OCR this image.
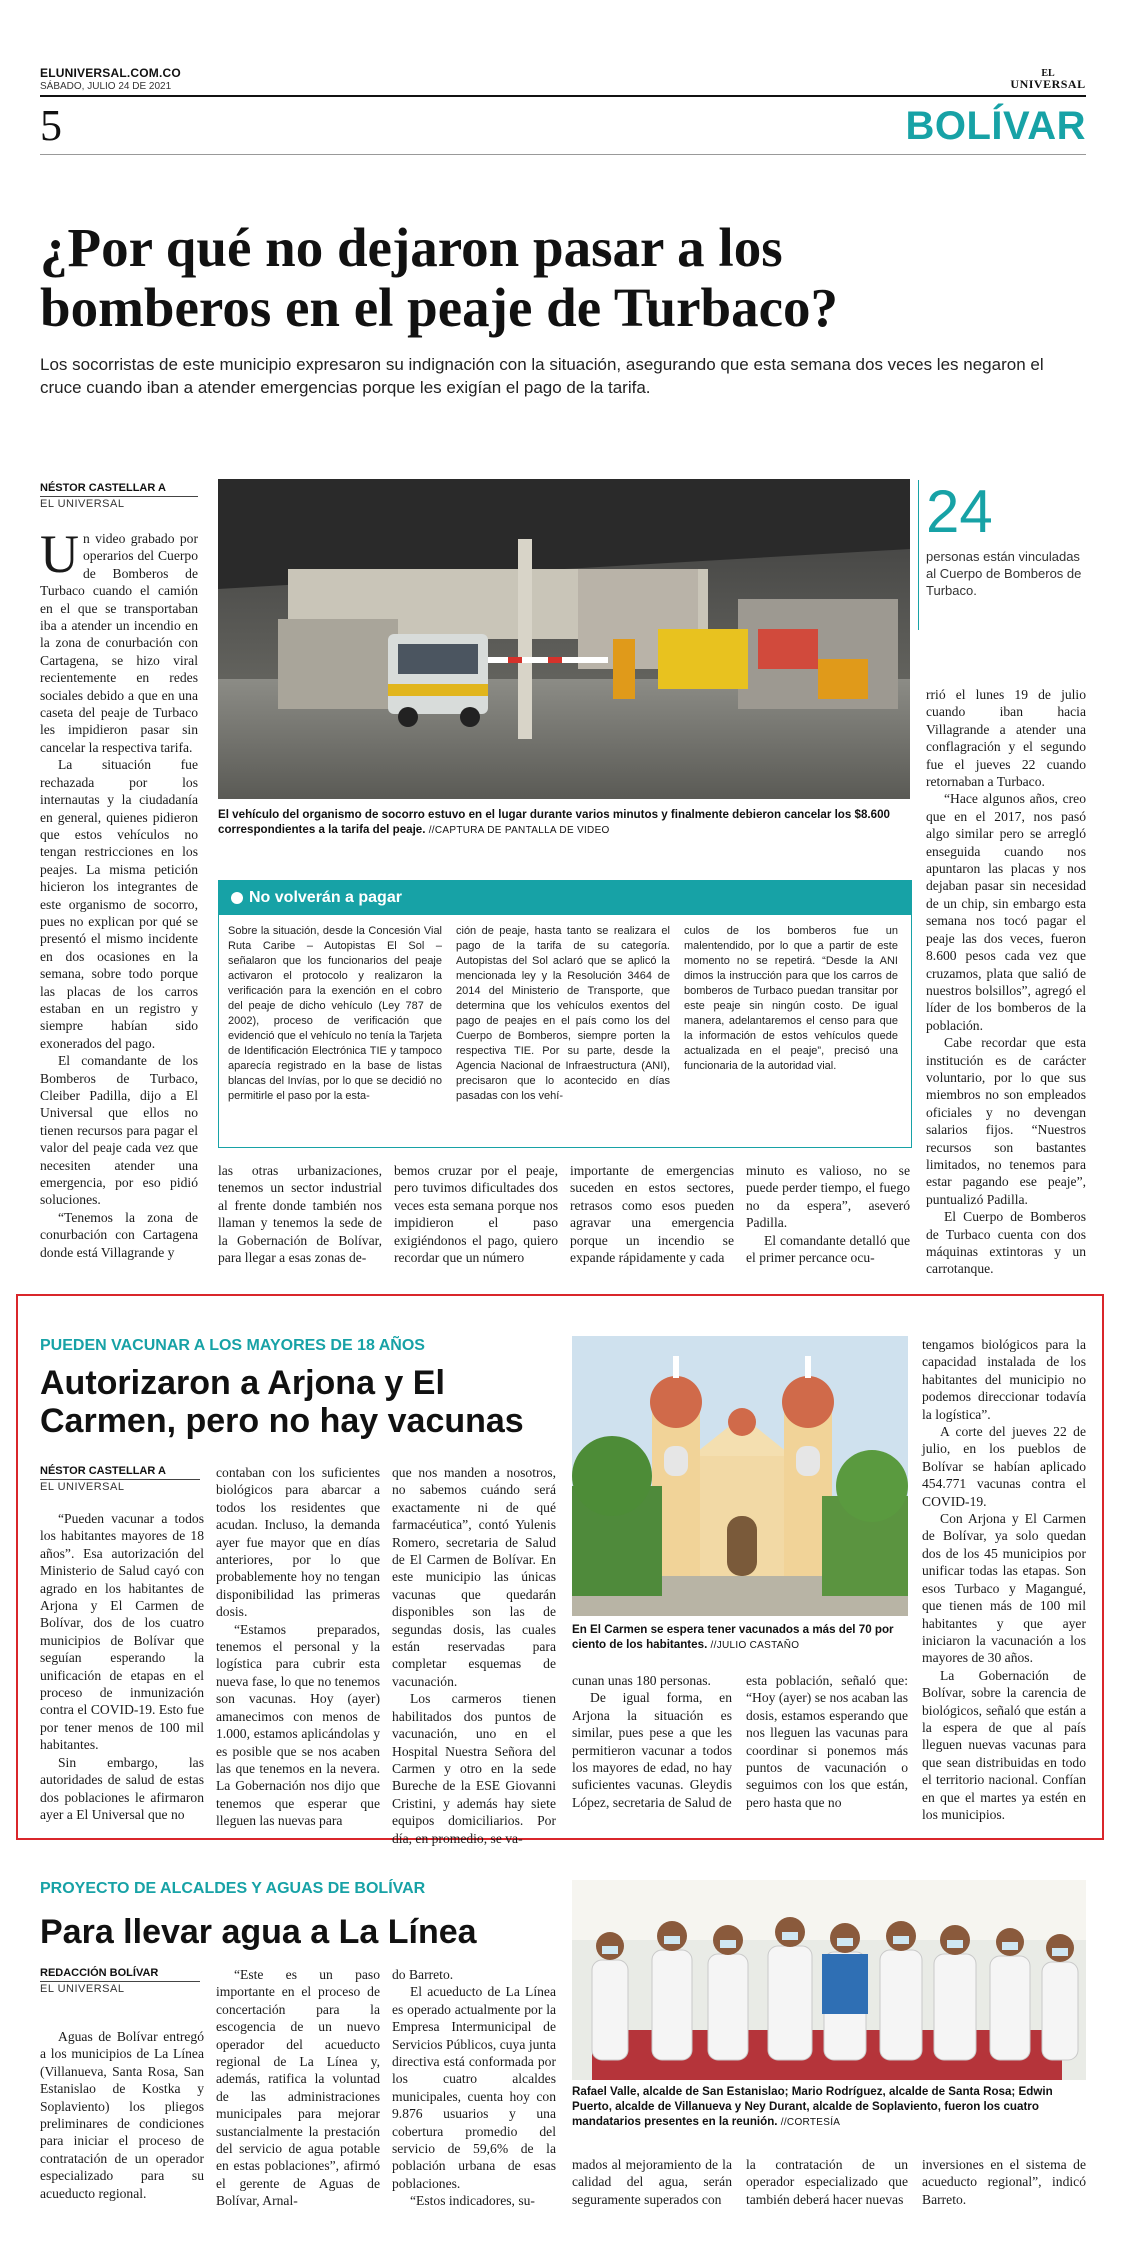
ELUNIVERSAL.COM.CO
SÁBADO, JULIO 24 DE 2021
EL
UNIVERSAL
5	BOLÍVAR
¿Por qué no dejaron pasar a los
bomberos en el peaje de Turbaco?
Los socorristas de este municipio expresaron su indignación con la situación, asegurando que esta semana dos veces les negaron el cruce cuando iban a atender emergencias porque les exigían el pago de la tarifa.
NÉSTOR CASTELLAR A
EL UNIVERSAL

Un video grabado por operarios del Cuerpo de Bomberos de Turbaco cuando el camión en el que se transportaban iba a atender un incendio en la zona de conurbación con Cartagena, se hizo viral recientemente en redes sociales debido a que en una caseta del peaje de Turbaco les impidieron pasar sin cancelar la respectiva tarifa.

La situación fue rechazada por los internautas y la ciudadanía en general, quienes pidieron que estos vehículos no tengan restricciones en los peajes. La misma petición hicieron los integrantes de este organismo de socorro, pues no explican por qué se presentó el mismo incidente en dos ocasiones en la semana, sobre todo porque las placas de los carros estaban en un registro y siempre habían sido exonerados del pago.

El comandante de los Bomberos de Turbaco, Cleiber Padilla, dijo a El Universal que ellos no tienen recursos para pagar el valor del peaje cada vez que necesiten atender una emergencia, por eso pidió soluciones.

“Tenemos la zona de conurbación con Cartagena donde está Villagrande y

El vehículo del organismo de socorro estuvo en el lugar durante varios minutos y finalmente debieron cancelar los $8.600 correspondientes a la tarifa del peaje. //CAPTURA DE PANTALLA DE VIDEO
24
personas están vinculadas al Cuerpo de Bomberos de Turbaco.

rrió el lunes 19 de julio cuando iban hacia Villagrande a atender una conflagración y el segundo fue el jueves 22 cuando retornaban a Turbaco.

“Hace algunos años, creo que en el 2017, nos pasó algo similar pero se arregló enseguida cuando nos apuntaron las placas y nos dejaban pasar sin necesidad de un chip, sin embargo esta semana nos tocó pagar el peaje las dos veces, fueron 8.600 pesos cada vez que cruzamos, plata que salió de nuestros bolsillos”, agregó el líder de los bomberos de la población.

Cabe recordar que esta institución es de carácter voluntario, por lo que sus miembros no son empleados oficiales y no devengan salarios fijos. “Nuestros recursos son bastantes limitados, no tenemos para estar pagando ese peaje”, puntualizó Padilla.

El Cuerpo de Bomberos de Turbaco cuenta con dos máquinas extintoras y un carrotanque.

No volverán a pagar
Sobre la situación, desde la Concesión Vial Ruta Caribe – Autopistas El Sol – señalaron que los funcionarios del peaje activaron el protocolo y realizaron la verificación para la exención en el cobro del peaje de dicho vehículo (Ley 787 de 2002), proceso de verificación que evidenció que el vehículo no tenía la Tarjeta de Identificación Electrónica TIE y tampoco aparecía registrado en la base de listas blancas del Invías, por lo que se decidió no permitirle el paso por la esta-
ción de peaje, hasta tanto se realizara el pago de la tarifa de su categoría. Autopistas del Sol aclaró que se aplicó la mencionada ley y la Resolución 3464 de 2014 del Ministerio de Transporte, que determina que los vehículos exentos del pago de peajes en el país como los del Cuerpo de Bomberos, siempre porten la respectiva TIE. Por su parte, desde la Agencia Nacional de Infraestructura (ANI), precisaron que lo acontecido en días pasadas con los vehí-
culos de los bomberos fue un malentendido, por lo que a partir de este momento no se repetirá. “Desde la ANI dimos la instrucción para que los carros de bomberos de Turbaco puedan transitar por este peaje sin ningún costo. De igual manera, adelantaremos el censo para que la información de estos vehículos quede actualizada en el peaje”, precisó una funcionaria de la autoridad vial.
las otras urbanizaciones, tenemos un sector industrial al frente donde también nos llaman y tenemos la sede de la Gobernación de Bolívar, para llegar a esas zonas de-
bemos cruzar por el peaje, pero tuvimos dificultades dos veces esta semana porque nos impidieron el paso exigiéndonos el pago, quiero recordar que un número
importante de emergencias suceden en estos sectores, retrasos como esos pueden agravar una emergencia porque un incendio se expande rápidamente y cada

minuto es valioso, no se puede perder tiempo, el fuego no da espera”, aseveró Padilla.

El comandante detalló que el primer percance ocu-

PUEDEN VACUNAR A LOS MAYORES DE 18 AÑOS
Autorizaron a Arjona y El
Carmen, pero no hay vacunas
NÉSTOR CASTELLAR A
EL UNIVERSAL

“Pueden vacunar a todos los habitantes mayores de 18 años”. Esa autorización del Ministerio de Salud cayó con agrado en los habitantes de Arjona y El Carmen de Bolívar, dos de los cuatro municipios de Bolívar que seguían esperando la unificación de etapas en el proceso de inmunización contra el COVID-19. Esto fue por tener menos de 100 mil habitantes.

Sin embargo, las autoridades de salud de estas dos poblaciones le afirmaron ayer a El Universal que no

contaban con los suficientes biológicos para abarcar a todos los residentes que acudan. Incluso, la demanda ayer fue mayor que en días anteriores, por lo que probablemente hoy no tengan disponibilidad las primeras dosis.

“Estamos preparados, tenemos el personal y la logística para cubrir esta nueva fase, lo que no tenemos son vacunas. Hoy (ayer) amanecimos con menos de 1.000, estamos aplicándolas y es posible que se nos acaben las que tenemos en la nevera. La Gobernación nos dijo que tenemos que esperar que lleguen las nuevas para

que nos manden a nosotros, no sabemos cuándo será exactamente ni de qué farmacéutica”, contó Yulenis Romero, secretaria de Salud de El Carmen de Bolívar. En este municipio las únicas vacunas que quedarán disponibles son las de segundas dosis, las cuales están reservadas para completar esquemas de vacunación.

Los carmeros tienen habilitados dos puntos de vacunación, uno en el Hospital Nuestra Señora del Carmen y otro en la sede Bureche de la ESE Giovanni Cristini, y además hay siete equipos domiciliarios. Por día, en promedio, se va-

En El Carmen se espera tener vacunados a más del 70 por ciento de los habitantes. //JULIO CASTAÑO

cunan unas 180 personas.

De igual forma, en Arjona la situación es similar, pues pese a que les permitieron vacunar a todos los mayores de edad, no hay suficientes vacunas. Gleydis López, secretaria de Salud de

esta población, señaló que: “Hoy (ayer) se nos acaban las dosis, estamos esperando que nos lleguen las vacunas para coordinar si ponemos más puntos de vacunación o seguimos con los que están, pero hasta que no

tengamos biológicos para la capacidad instalada de los habitantes del municipio no podemos direccionar todavía la logística”.

A corte del jueves 22 de julio, en los pueblos de Bolívar se habían aplicado 454.771 vacunas contra el COVID-19.

Con Arjona y El Carmen de Bolívar, ya solo quedan dos de los 45 municipios por unificar todas las etapas. Son esos Turbaco y Magangué, que tienen más de 100 mil habitantes y que ayer iniciaron la vacunación a los mayores de 30 años.

La Gobernación de Bolívar, sobre la carencia de biológicos, señaló que están a la espera de que al país lleguen nuevas vacunas para que sean distribuidas en todo el territorio nacional. Confían en que el martes ya estén en los municipios.

PROYECTO DE ALCALDES Y AGUAS DE BOLÍVAR
Para llevar agua a La Línea
REDACCIÓN BOLÍVAR
EL UNIVERSAL

Aguas de Bolívar entregó a los municipios de La Línea (Villanueva, Santa Rosa, San Estanislao de Kostka y Soplaviento) los pliegos preliminares de condiciones para iniciar el proceso de contratación de un operador especializado para su acueducto regional.

“Este es un paso importante en el proceso de concertación para la escogencia de un nuevo operador del acueducto regional de La Línea y, además, ratifica la voluntad de las administraciones municipales para mejorar sustancialmente la prestación del servicio de agua potable en estas poblaciones”, afirmó el gerente de Aguas de Bolívar, Arnal-

do Barreto.

El acueducto de La Línea es operado actualmente por la Empresa Intermunicipal de Servicios Públicos, cuya junta directiva está conformada por los cuatro alcaldes municipales, cuenta hoy con 9.876 usuarios y una cobertura promedio del servicio de 59,6% de la población urbana de esas poblaciones.

“Estos indicadores, su-

Rafael Valle, alcalde de San Estanislao; Mario Rodríguez, alcalde de Santa Rosa; Edwin Puerto, alcalde de Villanueva y Ney Durant, alcalde de Soplaviento, fueron los cuatro mandatarios presentes en la reunión. //CORTESÍA

mados al mejoramiento de la calidad del agua, serán seguramente superados con

la contratación de un operador especializado que también deberá hacer nuevas

inversiones en el sistema de acueducto regional”, indicó Barreto.
